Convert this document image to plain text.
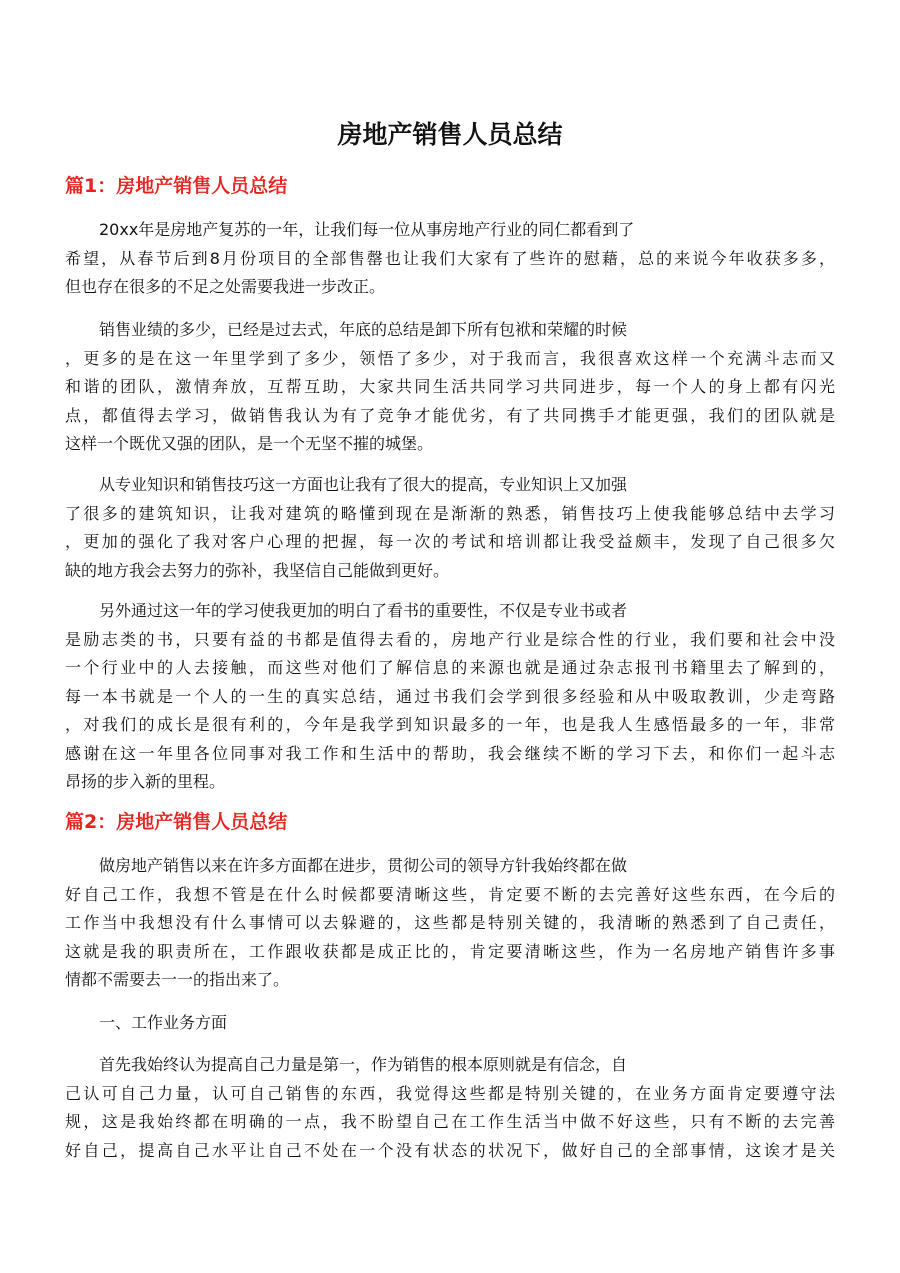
房地产销售人员总结
篇1：房地产销售人员总结
20xx年是房地产复苏的一年，让我们每一位从事房地产行业的同仁都看到了
希望，从春节后到8月份项目的全部售罄也让我们大家有了些许的慰藉，总的来说今年收获多多，
但也存在很多的不足之处需要我进一步改正。
销售业绩的多少，已经是过去式，年底的总结是卸下所有包袱和荣耀的时候
，更多的是在这一年里学到了多少，领悟了多少，对于我而言，我很喜欢这样一个充满斗志而又
和谐的团队，激情奔放，互帮互助，大家共同生活共同学习共同进步，每一个人的身上都有闪光
点，都值得去学习，做销售我认为有了竞争才能优劣，有了共同携手才能更强，我们的团队就是
这样一个既优又强的团队，是一个无坚不摧的城堡。
从专业知识和销售技巧这一方面也让我有了很大的提高，专业知识上又加强
了很多的建筑知识，让我对建筑的略懂到现在是渐渐的熟悉，销售技巧上使我能够总结中去学习
，更加的强化了我对客户心理的把握，每一次的考试和培训都让我受益颇丰，发现了自己很多欠
缺的地方我会去努力的弥补，我坚信自己能做到更好。
另外通过这一年的学习使我更加的明白了看书的重要性，不仅是专业书或者
是励志类的书，只要有益的书都是值得去看的，房地产行业是综合性的行业，我们要和社会中没
一个行业中的人去接触，而这些对他们了解信息的来源也就是通过杂志报刊书籍里去了解到的，
每一本书就是一个人的一生的真实总结，通过书我们会学到很多经验和从中吸取教训，少走弯路
，对我们的成长是很有利的，今年是我学到知识最多的一年，也是我人生感悟最多的一年，非常
感谢在这一年里各位同事对我工作和生活中的帮助，我会继续不断的学习下去，和你们一起斗志
昂扬的步入新的里程。
篇2：房地产销售人员总结
做房地产销售以来在许多方面都在进步，贯彻公司的领导方针我始终都在做
好自己工作，我想不管是在什么时候都要清晰这些，肯定要不断的去完善好这些东西，在今后的
工作当中我想没有什么事情可以去躲避的，这些都是特别关键的，我清晰的熟悉到了自己责任，
这就是我的职责所在，工作跟收获都是成正比的，肯定要清晰这些，作为一名房地产销售许多事
情都不需要去一一的指出来了。

一、工作业务方面

首先我始终认为提高自己力量是第一，作为销售的根本原则就是有信念，自
己认可自己力量，认可自己销售的东西，我觉得这些都是特别关键的，在业务方面肯定要遵守法
规，这是我始终都在明确的一点，我不盼望自己在工作生活当中做不好这些，只有不断的去完善
好自己，提高自己水平让自己不处在一个没有状态的状况下，做好自己的全部事情，这诶才是关
